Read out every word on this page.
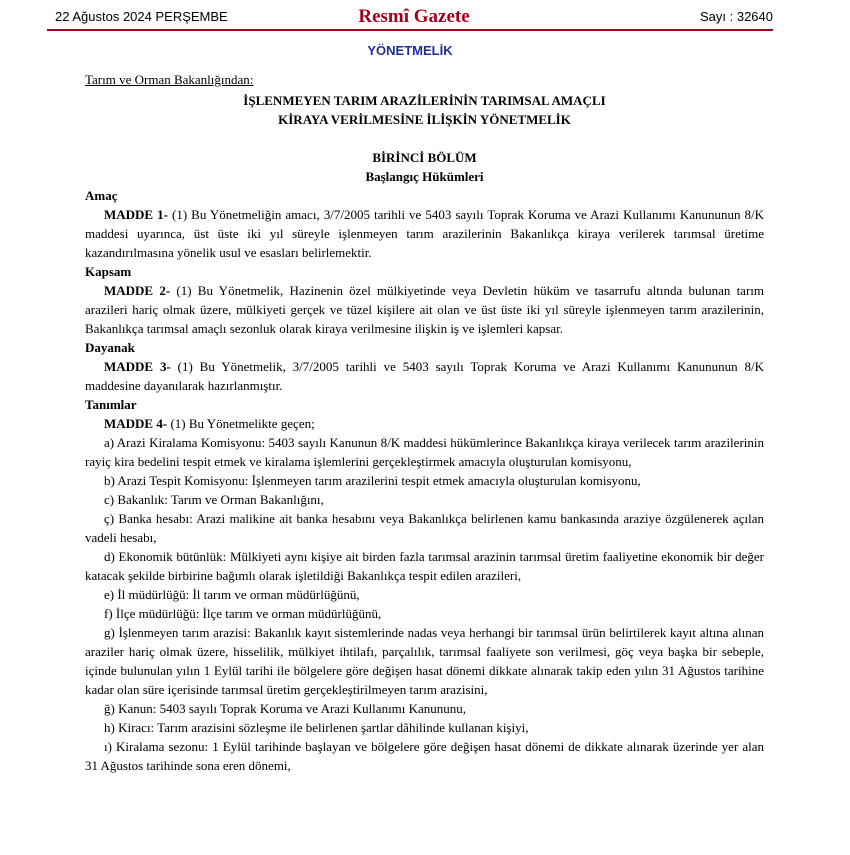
22 Ağustos 2024 PERŞEMBE	Resmî Gazete	Sayı : 32640
YÖNETMELİK

Tarım ve Orman Bakanlığından:

İŞLENMEYEN TARIM ARAZİLERİNİN TARIMSAL AMAÇLI

KİRAYA VERİLMESİNE İLİŞKİN YÖNETMELİK

BİRİNCİ BÖLÜM

Başlangıç Hükümleri

Amaç

MADDE 1- (1) Bu Yönetmeliğin amacı, 3/7/2005 tarihli ve 5403 sayılı Toprak Koruma ve Arazi Kullanımı Kanununun 8/K maddesi uyarınca, üst üste iki yıl süreyle işlenmeyen tarım arazilerinin Bakanlıkça kiraya verilerek tarımsal üretime kazandırılmasına yönelik usul ve esasları belirlemektir.

Kapsam

MADDE 2- (1) Bu Yönetmelik, Hazinenin özel mülkiyetinde veya Devletin hüküm ve tasarrufu altında bulunan tarım arazileri hariç olmak üzere, mülkiyeti gerçek ve tüzel kişilere ait olan ve üst üste iki yıl süreyle işlenmeyen tarım arazilerinin, Bakanlıkça tarımsal amaçlı sezonluk olarak kiraya verilmesine ilişkin iş ve işlemleri kapsar.

Dayanak

MADDE 3- (1) Bu Yönetmelik, 3/7/2005 tarihli ve 5403 sayılı Toprak Koruma ve Arazi Kullanımı Kanununun 8/K maddesine dayanılarak hazırlanmıştır.

Tanımlar

MADDE 4- (1) Bu Yönetmelikte geçen;

a) Arazi Kiralama Komisyonu: 5403 sayılı Kanunun 8/K maddesi hükümlerince Bakanlıkça kiraya verilecek tarım arazilerinin rayiç kira bedelini tespit etmek ve kiralama işlemlerini gerçekleştirmek amacıyla oluşturulan komisyonu,

b) Arazi Tespit Komisyonu: İşlenmeyen tarım arazilerini tespit etmek amacıyla oluşturulan komisyonu,

c) Bakanlık: Tarım ve Orman Bakanlığını,

ç) Banka hesabı: Arazi malikine ait banka hesabını veya Bakanlıkça belirlenen kamu bankasında araziye özgülenerek açılan vadeli hesabı,

d) Ekonomik bütünlük: Mülkiyeti aynı kişiye ait birden fazla tarımsal arazinin tarımsal üretim faaliyetine ekonomik bir değer katacak şekilde birbirine bağımlı olarak işletildiği Bakanlıkça tespit edilen arazileri,

e) İl müdürlüğü: İl tarım ve orman müdürlüğünü,

f) İlçe müdürlüğü: İlçe tarım ve orman müdürlüğünü,

g) İşlenmeyen tarım arazisi: Bakanlık kayıt sistemlerinde nadas veya herhangi bir tarımsal ürün belirtilerek kayıt altına alınan araziler hariç olmak üzere, hisselilik, mülkiyet ihtilafı, parçalılık, tarımsal faaliyete son verilmesi, göç veya başka bir sebeple, içinde bulunulan yılın 1 Eylül tarihi ile bölgelere göre değişen hasat dönemi dikkate alınarak takip eden yılın 31 Ağustos tarihine kadar olan süre içerisinde tarımsal üretim gerçekleştirilmeyen tarım arazisini,

ğ) Kanun: 5403 sayılı Toprak Koruma ve Arazi Kullanımı Kanununu,

h) Kiracı: Tarım arazisini sözleşme ile belirlenen şartlar dâhilinde kullanan kişiyi,

ı) Kiralama sezonu: 1 Eylül tarihinde başlayan ve bölgelere göre değişen hasat dönemi de dikkate alınarak üzerinde yer alan 31 Ağustos tarihinde sona eren dönemi,
